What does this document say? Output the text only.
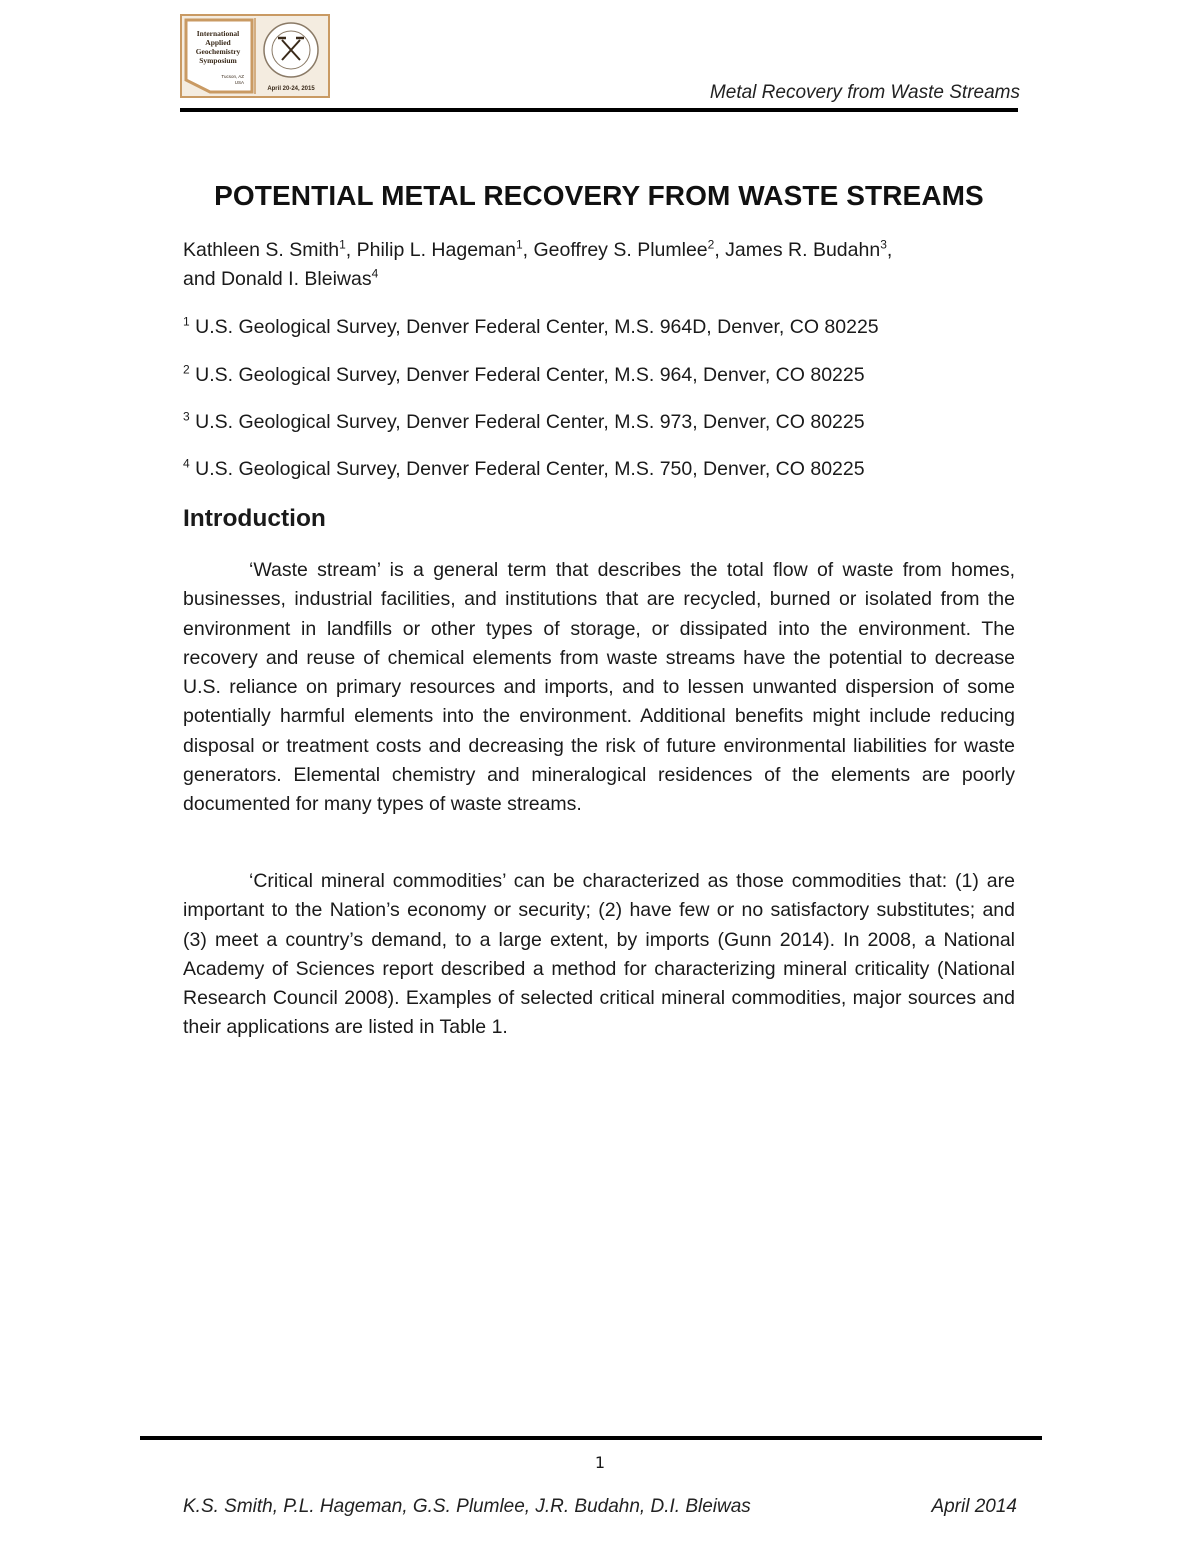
International
Applied
Geochemistry
Symposium
Tucson, AZ
USA
April 20-24, 2015	Metal Recovery from Waste Streams
POTENTIAL METAL RECOVERY FROM WASTE STREAMS
Kathleen S. Smith$^1$, Philip L. Hageman$^1$, Geoffrey S. Plumlee$^2$, James R. Budahn$^3$,
and Donald I. Bleiwas$^4$
$^1$ U.S. Geological Survey, Denver Federal Center, M.S. 964D, Denver, CO 80225
$^2$ U.S. Geological Survey, Denver Federal Center, M.S. 964, Denver, CO 80225
$^3$ U.S. Geological Survey, Denver Federal Center, M.S. 973, Denver, CO 80225
$^4$ U.S. Geological Survey, Denver Federal Center, M.S. 750, Denver, CO 80225
Introduction

‘Waste stream’ is a general term that describes the total flow of waste from homes, businesses, industrial facilities, and institutions that are recycled, burned or isolated from the environment in landfills or other types of storage, or dissipated into the environment. The recovery and reuse of chemical elements from waste streams have the potential to decrease U.S. reliance on primary resources and imports, and to lessen unwanted dispersion of some potentially harmful elements into the environment. Additional benefits might include reducing disposal or treatment costs and decreasing the risk of future environmental liabilities for waste generators. Elemental chemistry and mineralogical residences of the elements are poorly documented for many types of waste streams.

‘Critical mineral commodities’ can be characterized as those commodities that: (1) are important to the Nation’s economy or security; (2) have few or no satisfactory substitutes; and (3) meet a country’s demand, to a large extent, by imports (Gunn 2014). In 2008, a National Academy of Sciences report described a method for characterizing mineral criticality (National Research Council 2008). Examples of selected critical mineral commodities, major sources and their applications are listed in Table 1.

1
K.S. Smith, P.L. Hageman, G.S. Plumlee, J.R. Budahn, D.I. Bleiwas	April 2014
